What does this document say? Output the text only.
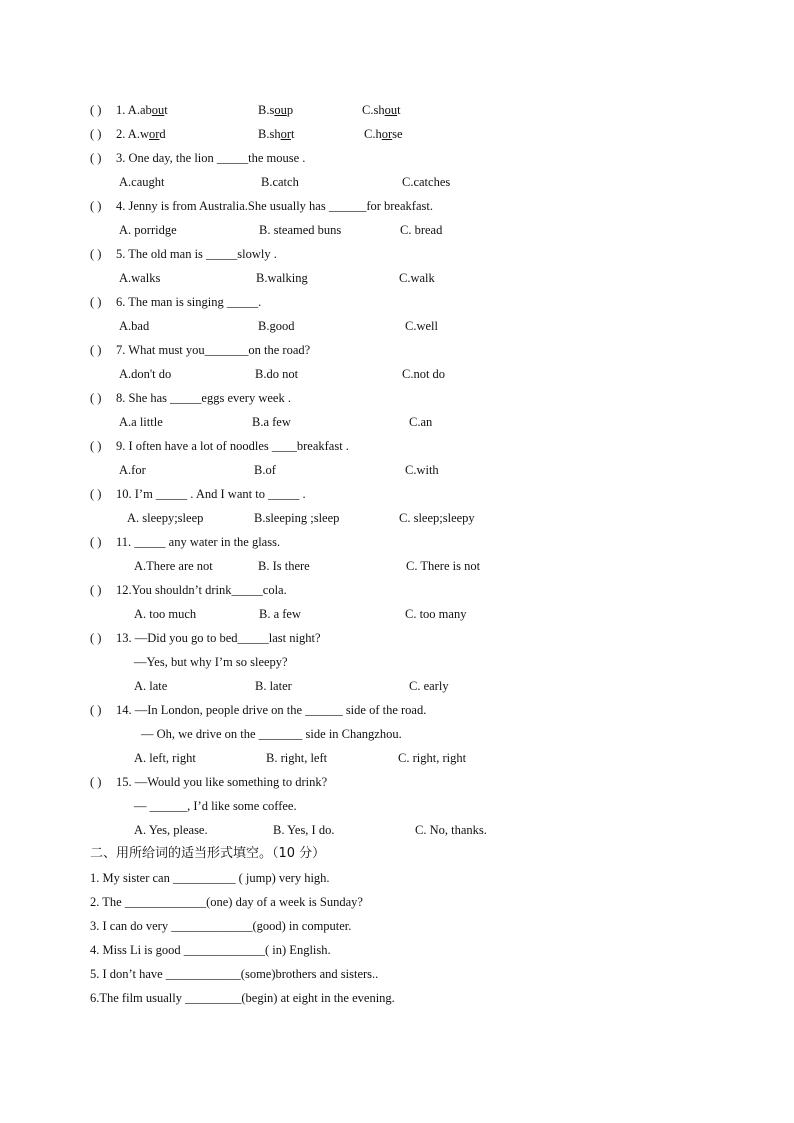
( ) 1. A.about	B.soup	C.shout
( ) 2. A.word	B.short	C.horse
( ) 3. One day, the lion _____the mouse .
A.caught	B.catch	C.catches
( ) 4. Jenny is from Australia.She usually has ______for breakfast.
A. porridge	B. steamed buns	C. bread
( ) 5. The old man is _____slowly .
A.walks	B.walking	C.walk
( ) 6. The man is singing _____.
A.bad	B.good	C.well
( ) 7. What must you_______on the road?
A.don't do	B.do not	C.not do
( ) 8. She has _____eggs every week .
A.a little	B.a few	C.an
( ) 9. I often have a lot of noodles ____breakfast .
A.for	B.of	C.with
( ) 10. I’m _____ . And I want to _____ .
A. sleepy;sleep	B.sleeping ;sleep	C. sleep;sleepy
( ) 11. _____ any water in the glass.
A.There are not	B. Is there	C. There is not
( ) 12.You shouldn’t drink_____cola.
A. too much	B. a few	C. too many
( ) 13. —Did you go to bed_____last night?
—Yes, but why I’m so sleepy?
A. late	B. later	C. early
( ) 14. —In London, people drive on the ______ side of the road.
— Oh, we drive on the _______ side in Changzhou.
A. left, right	B. right, left	C. right, right
( ) 15. —Would you like something to drink?
— ______, I’d like some coffee.
A. Yes, please.	B. Yes, I do.	C. No, thanks.
二、用所给词的适当形式填空。（10 分）
1. My sister can __________ ( jump) very high.
2. The _____________(one) day of a week is Sunday?
3. I can do very _____________(good) in computer.
4. Miss Li is good _____________( in) English.
5. I don’t have ____________(some)brothers and sisters..
6.The film usually _________(begin) at eight in the evening.
